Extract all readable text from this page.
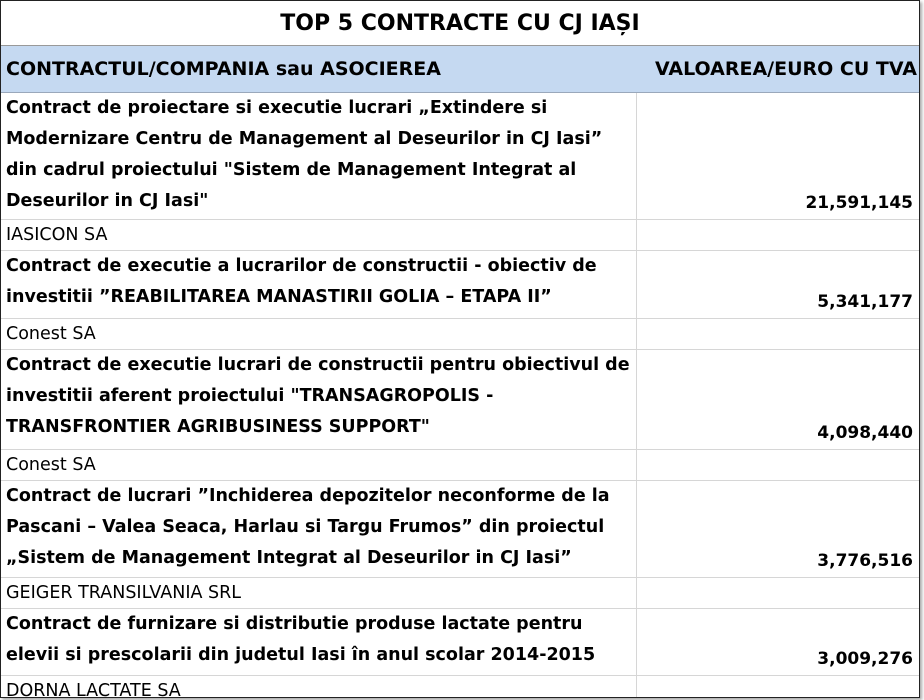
TOP 5 CONTRACTE CU CJ IAȘI
CONTRACTUL/COMPANIA sau ASOCIEREA	VALOAREA/EURO CU TVA
Contract de proiectare si executie lucrari „Extindere si Modernizare Centru de Management al Deseurilor in CJ Iasi” din cadrul proiectului "Sistem de Management Integrat al Deseurilor in CJ Iasi"	21,591,145
IASICON SA
Contract de executie a lucrarilor de constructii - obiectiv de investitii ”REABILITAREA MANASTIRII GOLIA – ETAPA II”	5,341,177
Conest SA
Contract de executie lucrari de constructii pentru obiectivul de investitii aferent proiectului "TRANSAGROPOLIS - TRANSFRONTIER AGRIBUSINESS SUPPORT"	4,098,440
Conest SA
Contract de lucrari ”Inchiderea depozitelor neconforme de la Pascani – Valea Seaca, Harlau si Targu Frumos” din proiectul „Sistem de Management Integrat al Deseurilor in CJ Iasi”	3,776,516
GEIGER TRANSILVANIA SRL
Contract de furnizare si distributie produse lactate pentru elevii si prescolarii din judetul Iasi în anul scolar 2014-2015	3,009,276
DORNA LACTATE SA
